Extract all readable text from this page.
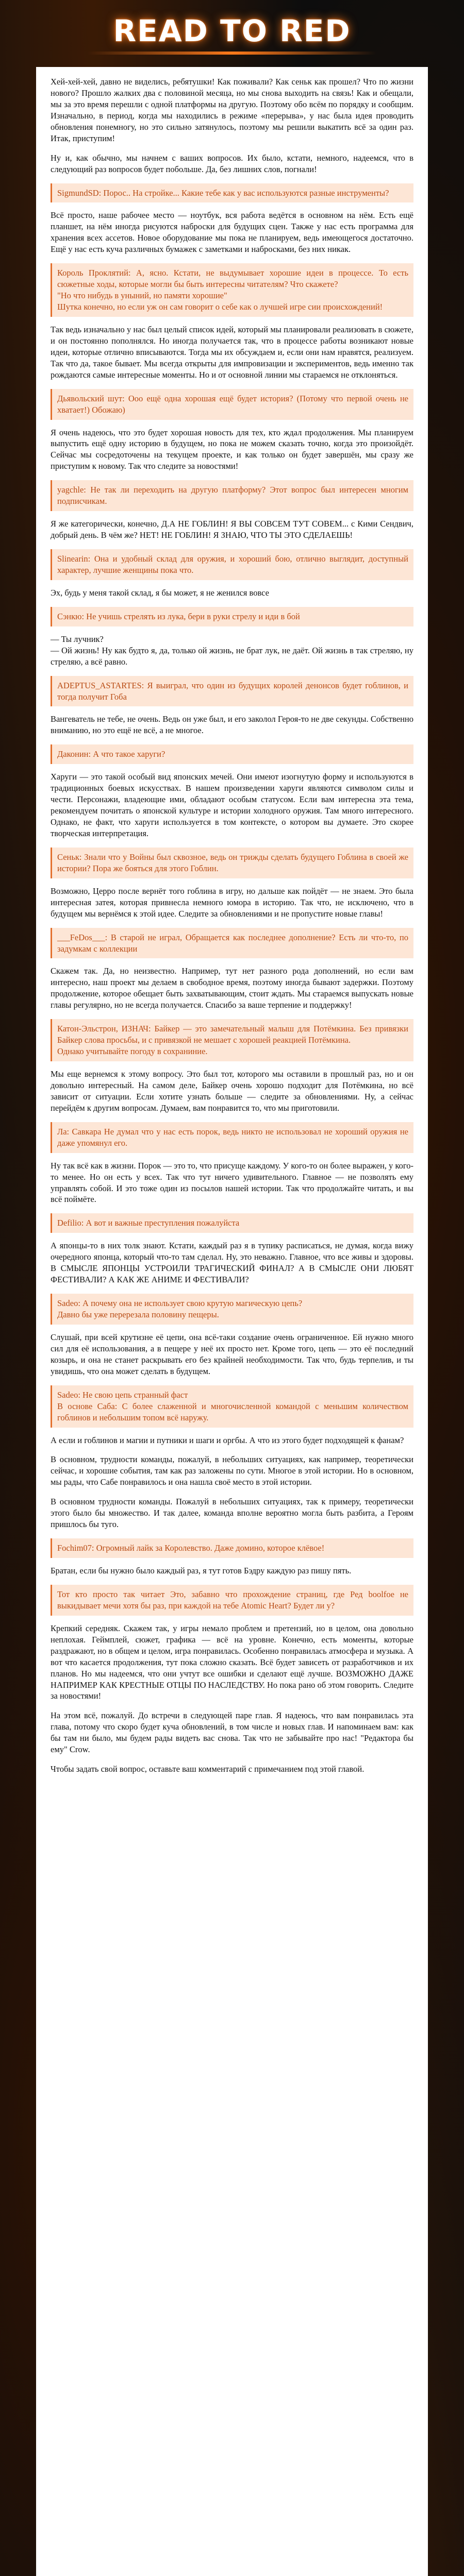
READ TO RED

Хей-хей-хей, давно не виделись, ребятушки! Как поживали? Как сеньк как прошел? Что по жизни нового? Прошло жалких два с половиной месяца, но мы снова выходить на связь! Как и обещали, мы за это время перешли с одной платформы на другую. Поэтому обо всём по порядку и сообщим. Изначально, в период, когда мы находились в режиме «перерыва», у нас была идея проводить обновления понемногу, но это сильно затянулось, поэтому мы решили выкатить всё за один раз. Итак, приступим!

Ну и, как обычно, мы начнем с ваших вопросов. Их было, кстати, немного, надеемся, что в следующий раз вопросов будет побольше. Да, без лишних слов, погнали!

SigmundSD: Порос.. На стройке... Какие тебе как у вас используются разные инструменты?

Всё просто, наше рабочее место — ноутбук, вся работа ведётся в основном на нём. Есть ещё планшет, на нём иногда рисуются наброски для будущих сцен. Также у нас есть программа для хранения всех ассетов. Новое оборудование мы пока не планируем, ведь имеющегося достаточно. Ещё у нас есть куча различных бумажек с заметками и набросками, без них никак.

Король Проклятий: А, ясно. Кстати, не выдумывает хорошие идеи в процессе. То есть сюжетные ходы, которые могли бы быть интересны читателям? Что скажете?
"Но что нибудь в уныний, но памяти хорошие"
Шутка конечно, но если уж он сам говорит о себе как о лучшей игре сии происхождений!

Так ведь изначально у нас был целый список идей, который мы планировали реализовать в сюжете, и он постоянно пополнялся. Но иногда получается так, что в процессе работы возникают новые идеи, которые отлично вписываются. Тогда мы их обсуждаем и, если они нам нравятся, реализуем. Так что да, такое бывает. Мы всегда открыты для импровизации и экспериментов, ведь именно так рождаются самые интересные моменты. Но и от основной линии мы стараемся не отклоняться.

Дьявольский шут: Ооо ещё одна хорошая ещё будет история? (Потому что первой очень не хватает!) Обожаю)

Я очень надеюсь, что это будет хорошая новость для тех, кто ждал продолжения. Мы планируем выпустить ещё одну историю в будущем, но пока не можем сказать точно, когда это произойдёт. Сейчас мы сосредоточены на текущем проекте, и как только он будет завершён, мы сразу же приступим к новому. Так что следите за новостями!

yagchle: Не так ли переходить на другую платформу? Этот вопрос был интересен многим подписчикам.

Я же категорически, конечно, Д.А НЕ ГОБЛИН! Я ВЫ СОВСЕМ ТУТ СОВЕМ... с Кими Сендвич, добрый день. В чём же? НЕТ! НЕ ГОБЛИН! Я ЗНАЮ, ЧТО ТЫ ЭТО СДЕЛАЕШЬ!

Slinearin: Она и удобный склад для оружия, и хороший бою, отлично выглядит, доступный характер, лучшие женщины пока что.

Эх, будь у меня такой склад, я бы может, я не женился вовсе

Сэнкю: Не учишь стрелять из лука, бери в руки стрелу и иди в бой

— Ты лучник?
— Ой жизнь! Ну как будто я, да, только ой жизнь, не брат лук, не даёт. Ой жизнь в так стреляю, ну стреляю, а всё равно.

ADEPTUS_ASTARTES: Я выиграл, что один из будущих королей денонсов будет гоблинов, и тогда получит Гоба

Вангеватель не тебе, не очень. Ведь он уже был, и его заколол Героя-то не две секунды. Собственно вниманию, но это ещё не всё, а не многое.

Даконин: А что такое харуги?

Харуги — это такой особый вид японских мечей. Они имеют изогнутую форму и используются в традиционных боевых искусствах. В нашем произведении харуги являются символом силы и чести. Персонажи, владеющие ими, обладают особым статусом. Если вам интересна эта тема, рекомендуем почитать о японской культуре и истории холодного оружия. Там много интересного. Однако, не факт, что харуги используется в том контексте, о котором вы думаете. Это скорее творческая интерпретация.

Сеньк: Знали что у Войны был сквозное, ведь он трижды сделать будущего Гоблина в своей же истории? Пора же бояться для этого Гоблин.

Возможно, Церро после вернёт того гоблина в игру, но дальше как пойдёт — не знаем. Это была интересная затея, которая привнесла немного юмора в историю. Так что, не исключено, что в будущем мы вернёмся к этой идее. Следите за обновлениями и не пропустите новые главы!

___FeDos___: В старой не играл, Обращается как последнее дополнение? Есть ли что-то, по задумкам с коллекции

Скажем так. Да, но неизвестно. Например, тут нет разного рода дополнений, но если вам интересно, наш проект мы делаем в свободное время, поэтому иногда бывают задержки. Поэтому продолжение, которое обещает быть захватывающим, стоит ждать. Мы стараемся выпускать новые главы регулярно, но не всегда получается. Спасибо за ваше терпение и поддержку!

Катон-Эльстрон, ИЗНАЧ: Байкер — это замечательный малыш для Потёмкина. Без привязки Байкер слова просьбы, и с привязкой не мешает с хорошей реакцией Потёмкина.
Однако учитывайте погоду в сохраниние.

Мы еще вернемся к этому вопросу. Это был тот, которого мы оставили в прошлый раз, но и он довольно интересный. На самом деле, Байкер очень хорошо подходит для Потёмкина, но всё зависит от ситуации. Если хотите узнать больше — следите за обновлениями. Ну, а сейчас перейдём к другим вопросам. Думаем, вам понравится то, что мы приготовили.

Ла: Савкара Не думал что у нас есть порок, ведь никто не использовал не хороший оружия не даже упомянул его.

Ну так всё как в жизни. Порок — это то, что присуще каждому. У кого-то он более выражен, у кого-то менее. Но он есть у всех. Так что тут ничего удивительного. Главное — не позволять ему управлять собой. И это тоже один из посылов нашей истории. Так что продолжайте читать, и вы всё поймёте.

Defilio: А вот и важные преступления пожалуйста

А японцы-то в них толк знают. Кстати, каждый раз я в тупику расписаться, не думая, когда вижу очередного японца, который что-то там сделал. Ну, это неважно. Главное, что все живы и здоровы. В СМЫСЛЕ ЯПОНЦЫ УСТРОИЛИ ТРАГИЧЕСКИЙ ФИНАЛ? А В СМЫСЛЕ ОНИ ЛЮБЯТ ФЕСТИВАЛИ? А КАК ЖЕ АНИМЕ И ФЕСТИВАЛИ?

Sadeo: А почему она не использует свою крутую магическую цепь?
Давно бы уже перерезала половину пещеры.

Слушай, при всей крутизне её цепи, она всё-таки создание очень ограниченное. Ей нужно много сил для её использования, а в пещере у неё их просто нет. Кроме того, цепь — это её последний козырь, и она не станет раскрывать его без крайней необходимости. Так что, будь терпелив, и ты увидишь, что она может сделать в будущем.

Sadeo: Не свою цепь странный фаст
В основе Саба: С более слаженной и многочисленной командой с меньшим количеством гоблинов и небольшим топом всё наружу.

А если и гоблинов и магии и путники и шаги и оргбы. А что из этого будет подходящей к фанам?

В основном, трудности команды, пожалуй, в небольших ситуациях, как например, теоретически сейчас, и хорошие события, там как раз заложены по сути. Многое в этой истории. Но в основном, мы рады, что Сабе понравилось и она нашла своё место в этой истории.

В основном трудности команды. Пожалуй в небольших ситуациях, так к примеру, теоретически этого было бы множество. И так далее, команда вполне вероятно могла быть разбита, а Героям пришлось бы туго.

Fochim07: Огромный лайк за Королевство. Даже домино, которое клёвое!

Братан, если бы нужно было каждый раз, я тут готов Бэдру каждую раз пишу пять.

Тот кто просто так читает Это, забавно что прохождение страниц, где Ред boolfoe не выкидывает мечи хотя бы раз, при каждой на тебе Atomic Heart? Будет ли у?

Крепкий середняк. Скажем так, у игры немало проблем и претензий, но в целом, она довольно неплохая. Геймплей, сюжет, графика — всё на уровне. Конечно, есть моменты, которые раздражают, но в общем и целом, игра понравилась. Особенно понравилась атмосфера и музыка. А вот что касается продолжения, тут пока сложно сказать. Всё будет зависеть от разработчиков и их планов. Но мы надеемся, что они учтут все ошибки и сделают ещё лучше. ВОЗМОЖНО ДАЖЕ НАПРИМЕР КАК КРЕСТНЫЕ ОТЦЫ ПО НАСЛЕДСТВУ. Но пока рано об этом говорить. Следите за новостями!

На этом всё, пожалуй. До встречи в следующей паре глав. Я надеюсь, что вам понравилась эта глава, потому что скоро будет куча обновлений, в том числе и новых глав. И напоминаем вам: как бы там ни было, мы будем рады видеть вас снова. Так что не забывайте про нас! "Редактора бы ему" Crow.

Чтобы задать свой вопрос, оставьте ваш комментарий с примечанием под этой главой.
